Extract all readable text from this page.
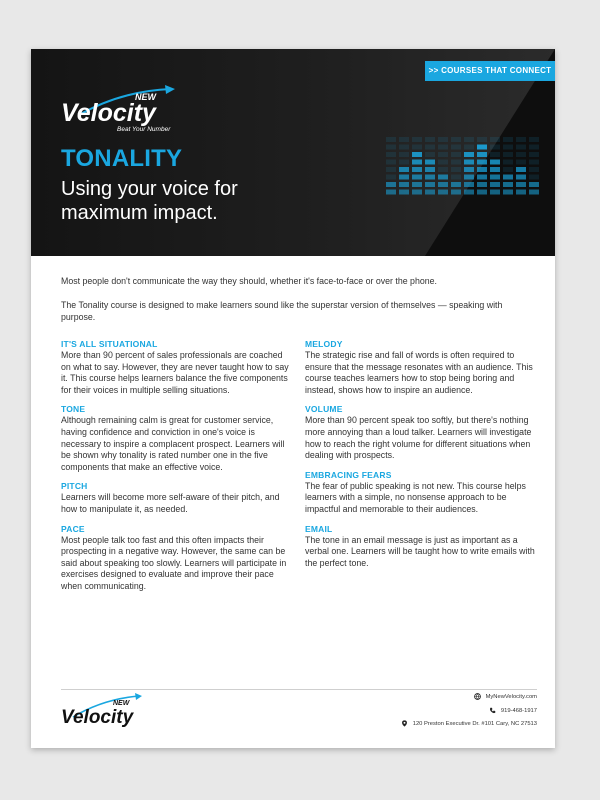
>> COURSES THAT CONNECT
NEW
Velocity
Beat Your Number
TONALITY
Using your voice for maximum impact.

Most people don't communicate the way they should, whether it's face-to-face or over the phone.

The Tonality course is designed to make learners sound like the superstar version of themselves — speaking with purpose.

IT'S ALL SITUATIONAL

More than 90 percent of sales professionals are coached on what to say. However, they are never taught how to say it. This course helps learners balance the five components for their voices in multiple selling situations.

TONE

Although remaining calm is great for customer service, having confidence and conviction in one's voice is necessary to inspire a complacent prospect. Learners will be shown why tonality is rated number one in the five components that make an effective voice.

PITCH

Learners will become more self-aware of their pitch, and how to manipulate it, as needed.

PACE

Most people talk too fast and this often impacts their prospecting in a negative way. However, the same can be said about speaking too slowly. Learners will participate in exercises designed to evaluate and improve their pace when communicating.

MELODY

The strategic rise and fall of words is often required to ensure that the message resonates with an audience. This course teaches learners how to stop being boring and instead, shows how to inspire an audience.

VOLUME

More than 90 percent speak too softly, but there's nothing more annoying than a loud talker. Learners will investigate how to reach the right volume for different situations when dealing with prospects.

EMBRACING FEARS

The fear of public speaking is not new. This course helps learners with a simple, no nonsense approach to be impactful and memorable to their audiences.

EMAIL

The tone in an email message is just as important as a verbal one. Learners will be taught how to write emails with the perfect tone.

NEW
Velocity
MyNewVelocity.com
919-468-1917
120 Preston Executive Dr. #101 Cary, NC 27513
